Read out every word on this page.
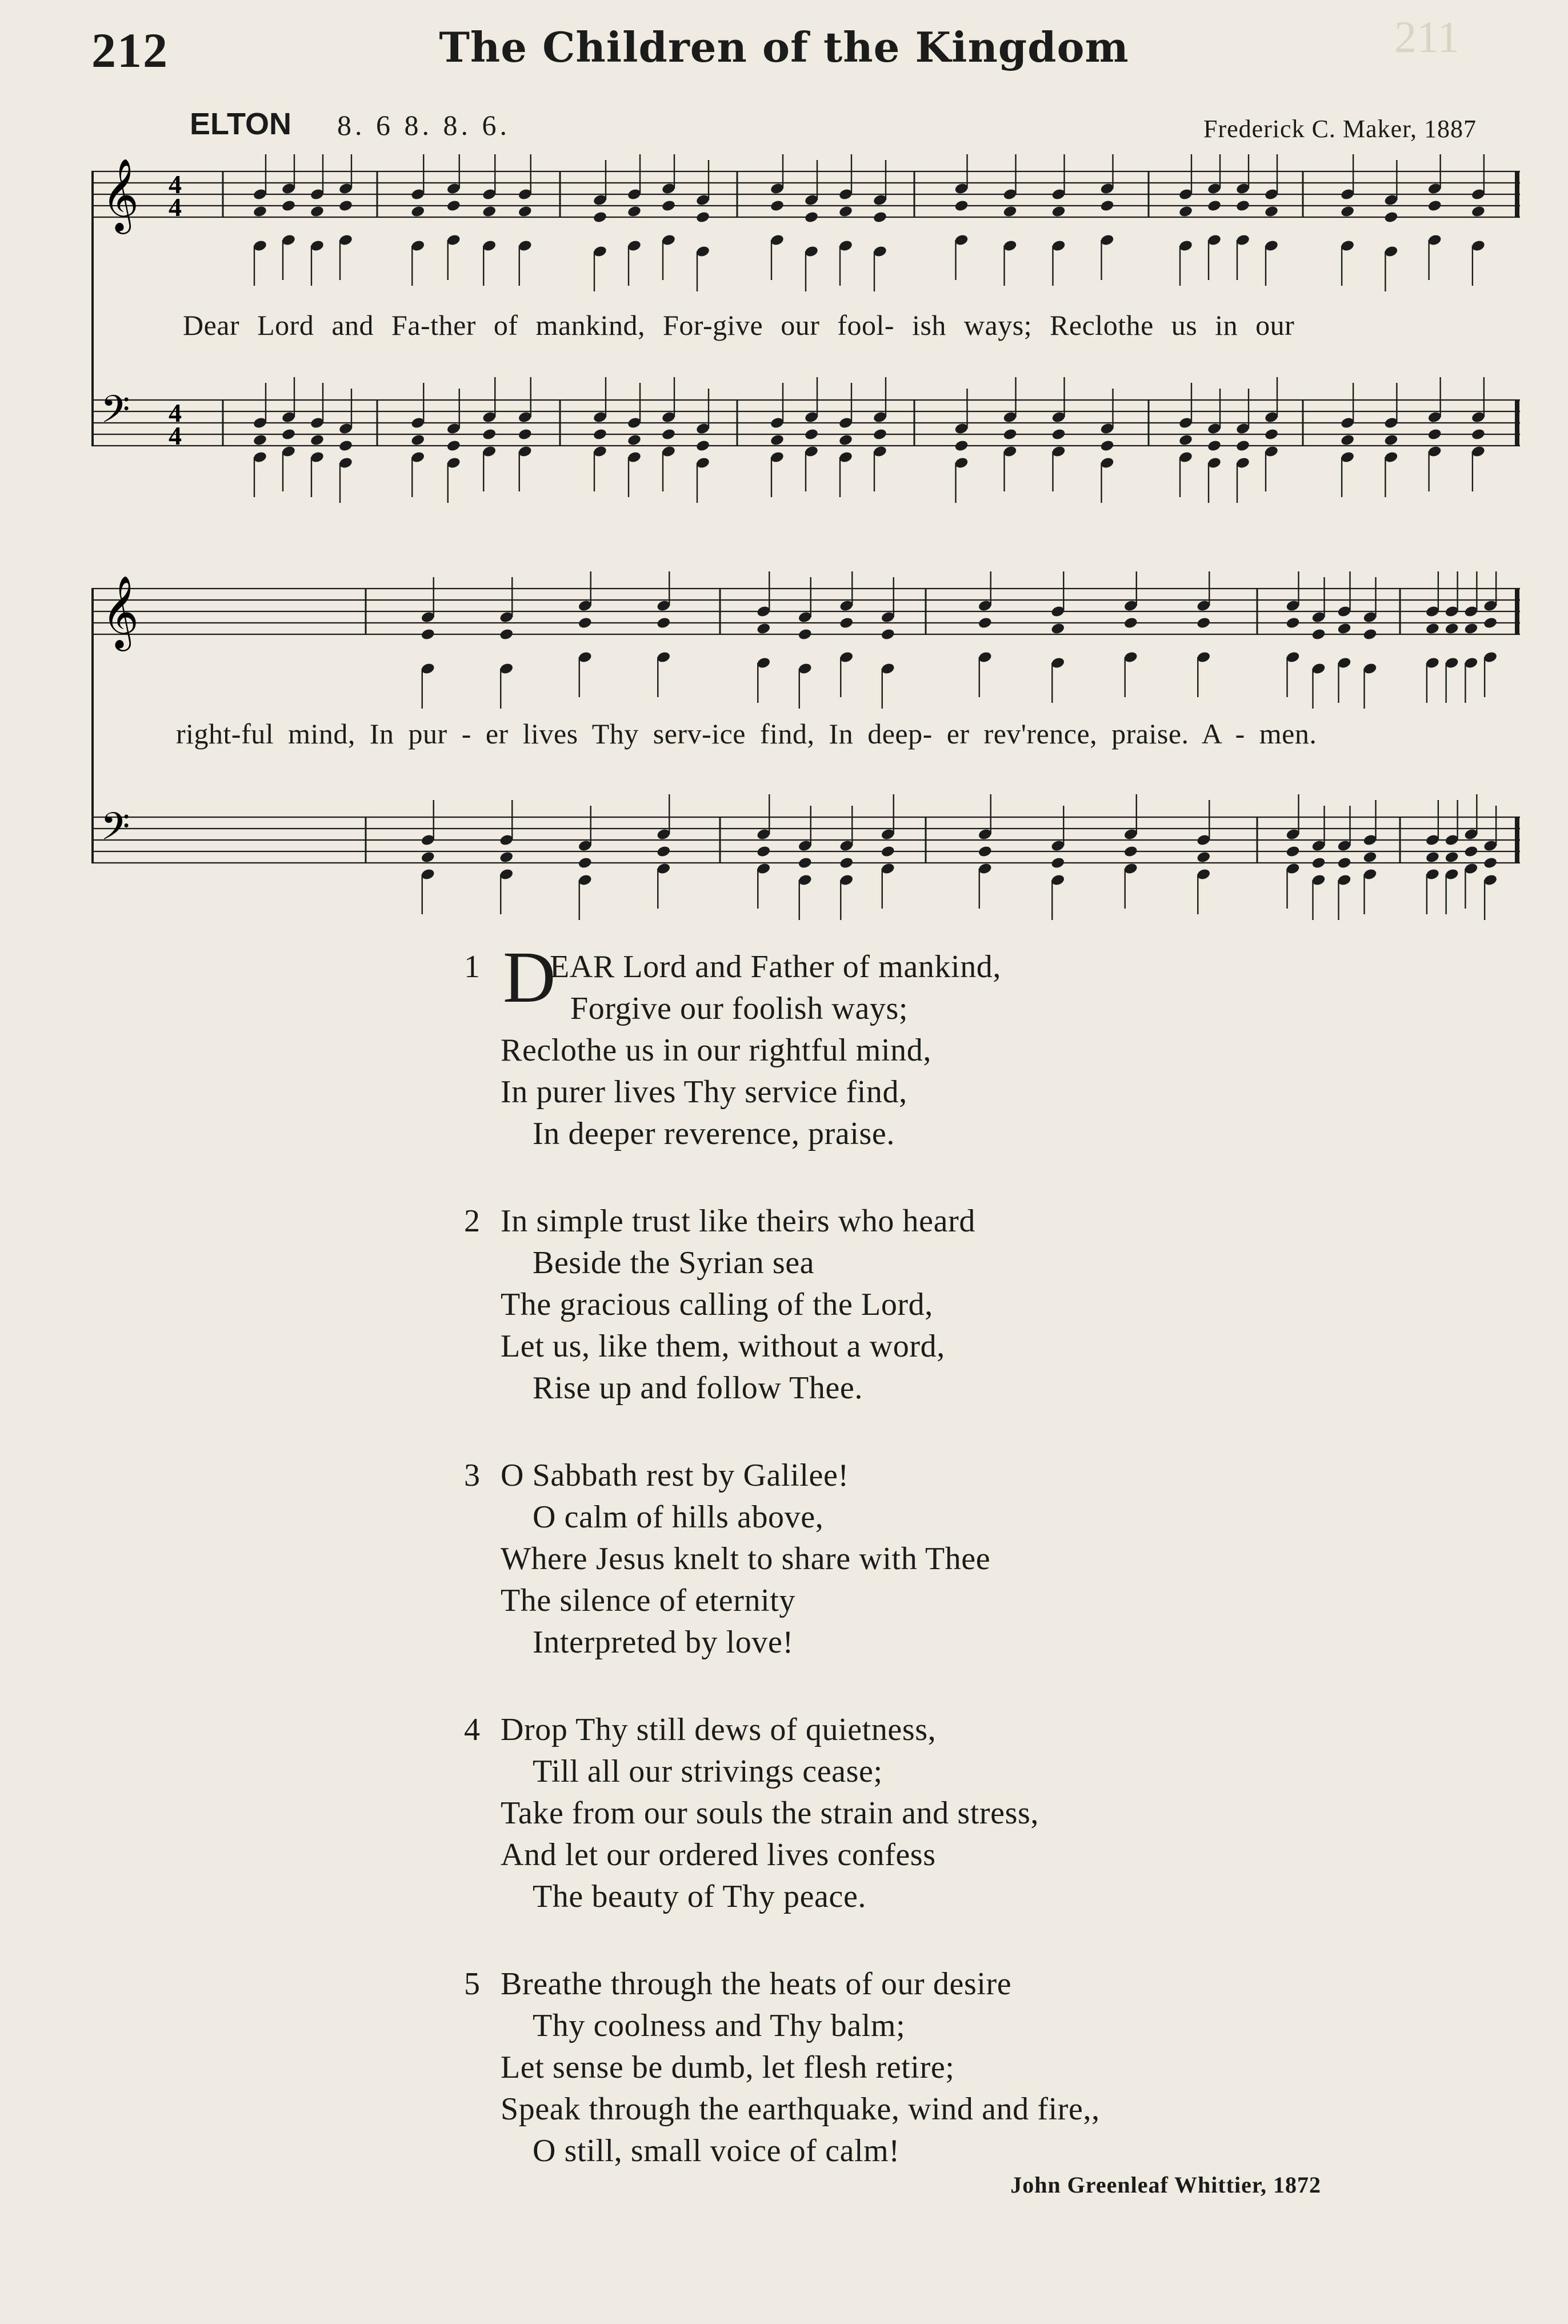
211
212	The Children of the Kingdom
ELTON 8. 6 8. 8. 6.	Frederick C. Maker, 1887
𝄞
𝄢
4
4
4
4
Dear Lord and Fa-ther of mankind, For-give our fool- ish ways; Reclothe us in our
𝄞
𝄢
right-ful mind, In pur - er lives Thy serv-ice find, In deep- er rev'rence, praise. A - men.
1 D
EAR Lord and Father of mankind,
Forgive our foolish ways;
Reclothe us in our rightful mind,
In purer lives Thy service find,
In deeper reverence, praise.
2 In simple trust like theirs who heard
Beside the Syrian sea
The gracious calling of the Lord,
Let us, like them, without a word,
Rise up and follow Thee.
3 O Sabbath rest by Galilee!
O calm of hills above,
Where Jesus knelt to share with Thee
The silence of eternity
Interpreted by love!
4 Drop Thy still dews of quietness,
Till all our strivings cease;
Take from our souls the strain and stress,
And let our ordered lives confess
The beauty of Thy peace.
5 Breathe through the heats of our desire
Thy coolness and Thy balm;
Let sense be dumb, let flesh retire;
Speak through the earthquake, wind and fire,,
O still, small voice of calm!
John Greenleaf Whittier, 1872
